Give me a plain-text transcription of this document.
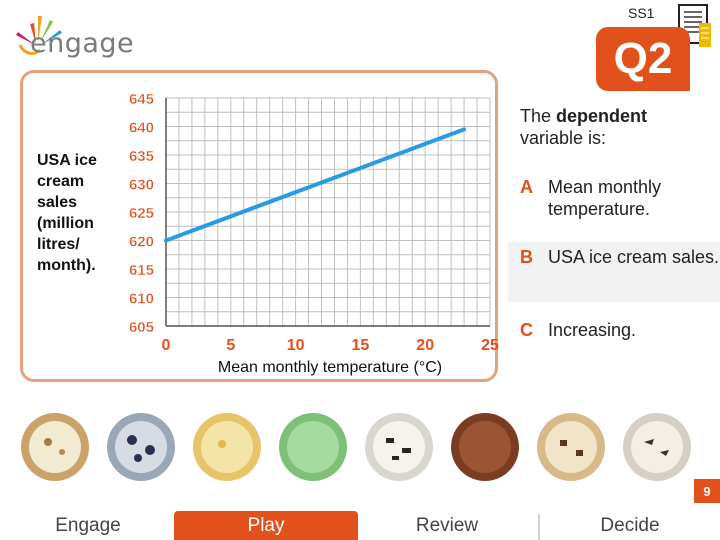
engage
SS1
Q2
USA ice cream sales (million litres/ month).
645
640
635
630
625
620
615
610
605
0	5	10	15	20	25
Mean monthly temperature (°C)
The dependent variable is:
A Mean monthly temperature.
B USA ice cream sales.
C Increasing.
9
Engage	Play	Review	Decide
